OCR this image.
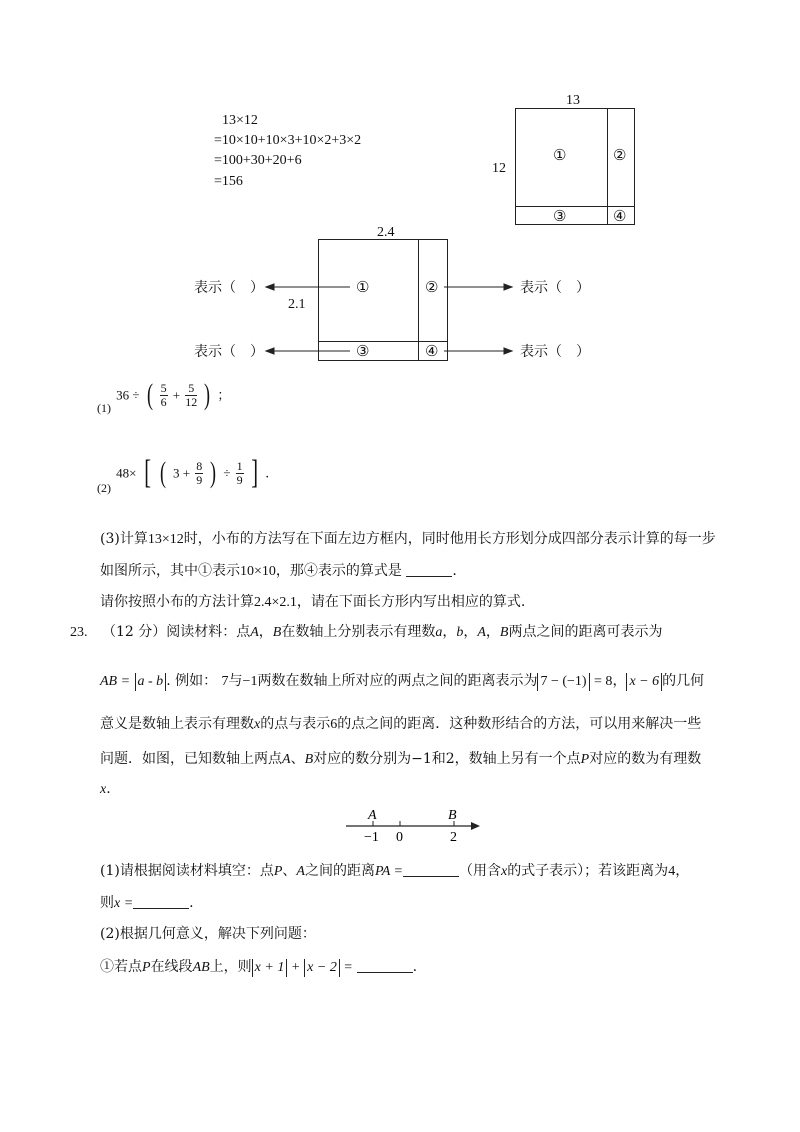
13×12
=10×10+10×3+10×2+3×2
=100+30+20+6
=156
13
12
①	②
③	④
2.4
2.1
①	②
③	④
表示（　）	表示（　）
表示（　）	表示（　）
$_{(1)}$ 36 ÷ ( $\frac{5}{6} + \frac{5}{12}$ ) ；
$_{(2)}$ 48× [ ( $3 + \frac{8}{9}$ ) ÷ $\frac{1}{9}$ ] .
(3)计算13×12时，小布的方法写在下面左边方框内，同时他用长方形划分成四部分表示计算的每一步
如图所示，其中①表示10×10，那④表示的算式是	.
请你按照小布的方法计算2.4×2.1，请在下面长方形内写出相应的算式.
23. （12 分）阅读材料：点A，B在数轴上分别表示有理数a，b，A，B两点之间的距离可表示为
AB = a - b . 例如： 7与−1两数在数轴上所对应的两点之间的距离表示为 7 − (−1) = 8， x − 6 的几何
意义是数轴上表示有理数x的点与表示6的点之间的距离．这种数形结合的方法，可以用来解决一些
问题．如图，已知数轴上两点A、B对应的数分别为−1和2，数轴上另有一个点P对应的数为有理数
x.
A	B
−1 0	2
(1)请根据阅读材料填空：点P、A之间的距离PA =	（用含x的式子表示）；若该距离为4，
则x =	.
(2)根据几何意义，解决下列问题：
①若点P在线段AB上，则 x + 1 + x − 2 =	.
